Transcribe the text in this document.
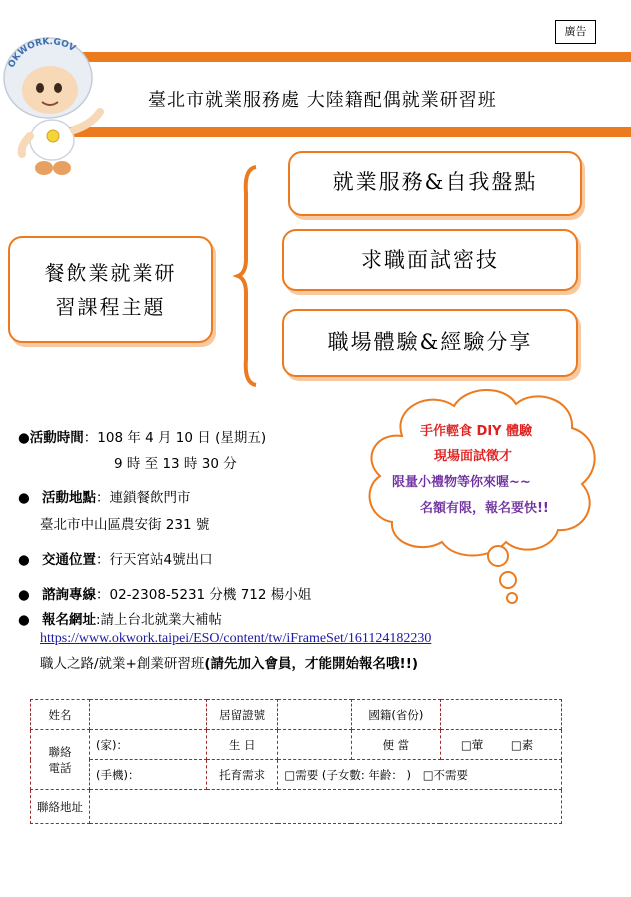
廣告
臺北市就業服務處 大陸籍配偶就業研習班
OKWORK.GOV
餐飲業就業研
習課程主題
就業服務&自我盤點
求職面試密技
職場體驗&經驗分享
●活動時間：108 年 4 月 10 日 (星期五)
9 時 至 13 時 30 分
● 活動地點：連鎖餐飲門市
臺北市中山區農安街 231 號
● 交通位置：行天宮站4號出口
● 諮詢專線：02-2308-5231 分機 712 楊小姐
● 報名網址:請上台北就業大補帖
https://www.okwork.taipei/ESO/content/tw/iFrameSet/161124182230
職人之路/就業+創業研習班(請先加入會員，才能開始報名哦!!)
手作輕食 DIY 體驗
現場面試徵才
限量小禮物等你來喔~~
名額有限，報名要快!!
姓名		居留證號		國籍(省份)	

聯絡
電話	(家)：	生 日		便 當	□葷 □素
	(手機)：	托育需求	□需要 (子女數: 年齡： ) □不需要		
聯絡地址					
